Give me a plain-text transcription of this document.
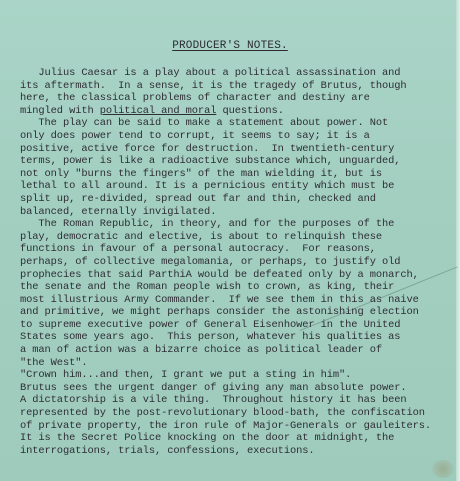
PRODUCER'S NOTES.
Julius Caesar is a play about a political assassination and
its aftermath.  In a sense, it is the tragedy of Brutus, though
here, the classical problems of character and destiny are
mingled with political and moral questions.
The play can be said to make a statement about power. Not
only does power tend to corrupt, it seems to say; it is a
positive, active force for destruction.  In twentieth-century
terms, power is like a radioactive substance which, unguarded,
not only "burns the fingers" of the man wielding it, but is
lethal to all around. It is a pernicious entity which must be
split up, re-divided, spread out far and thin, checked and
balanced, eternally invigilated.
The Roman Republic, in theory, and for the purposes of the
play, democratic and elective, is about to relinquish these
functions in favour of a personal autocracy.  For reasons,
perhaps, of collective megalomania, or perhaps, to justify old
prophecies that said ParthiA would be defeated only by a monarch,
the senate and the Roman people wish to crown, as king, their
most illustrious Army Commander.  If we see them in this as naive
and primitive, we might perhaps consider the astonishing election
to supreme executive power of General Eisenhower in the United
States some years ago.  This person, whatever his qualities as
a man of action was a bizarre choice as political leader of
"the West".
"Crown him...and then, I grant we put a sting in him".
Brutus sees the urgent danger of giving any man absolute power.
A dictatorship is a vile thing.  Throughout history it has been
represented by the post-revolutionary blood-bath, the confiscation
of private property, the iron rule of Major-Generals or gauleiters.
It is the Secret Police knocking on the door at midnight, the
interrogations, trials, confessions, executions.
